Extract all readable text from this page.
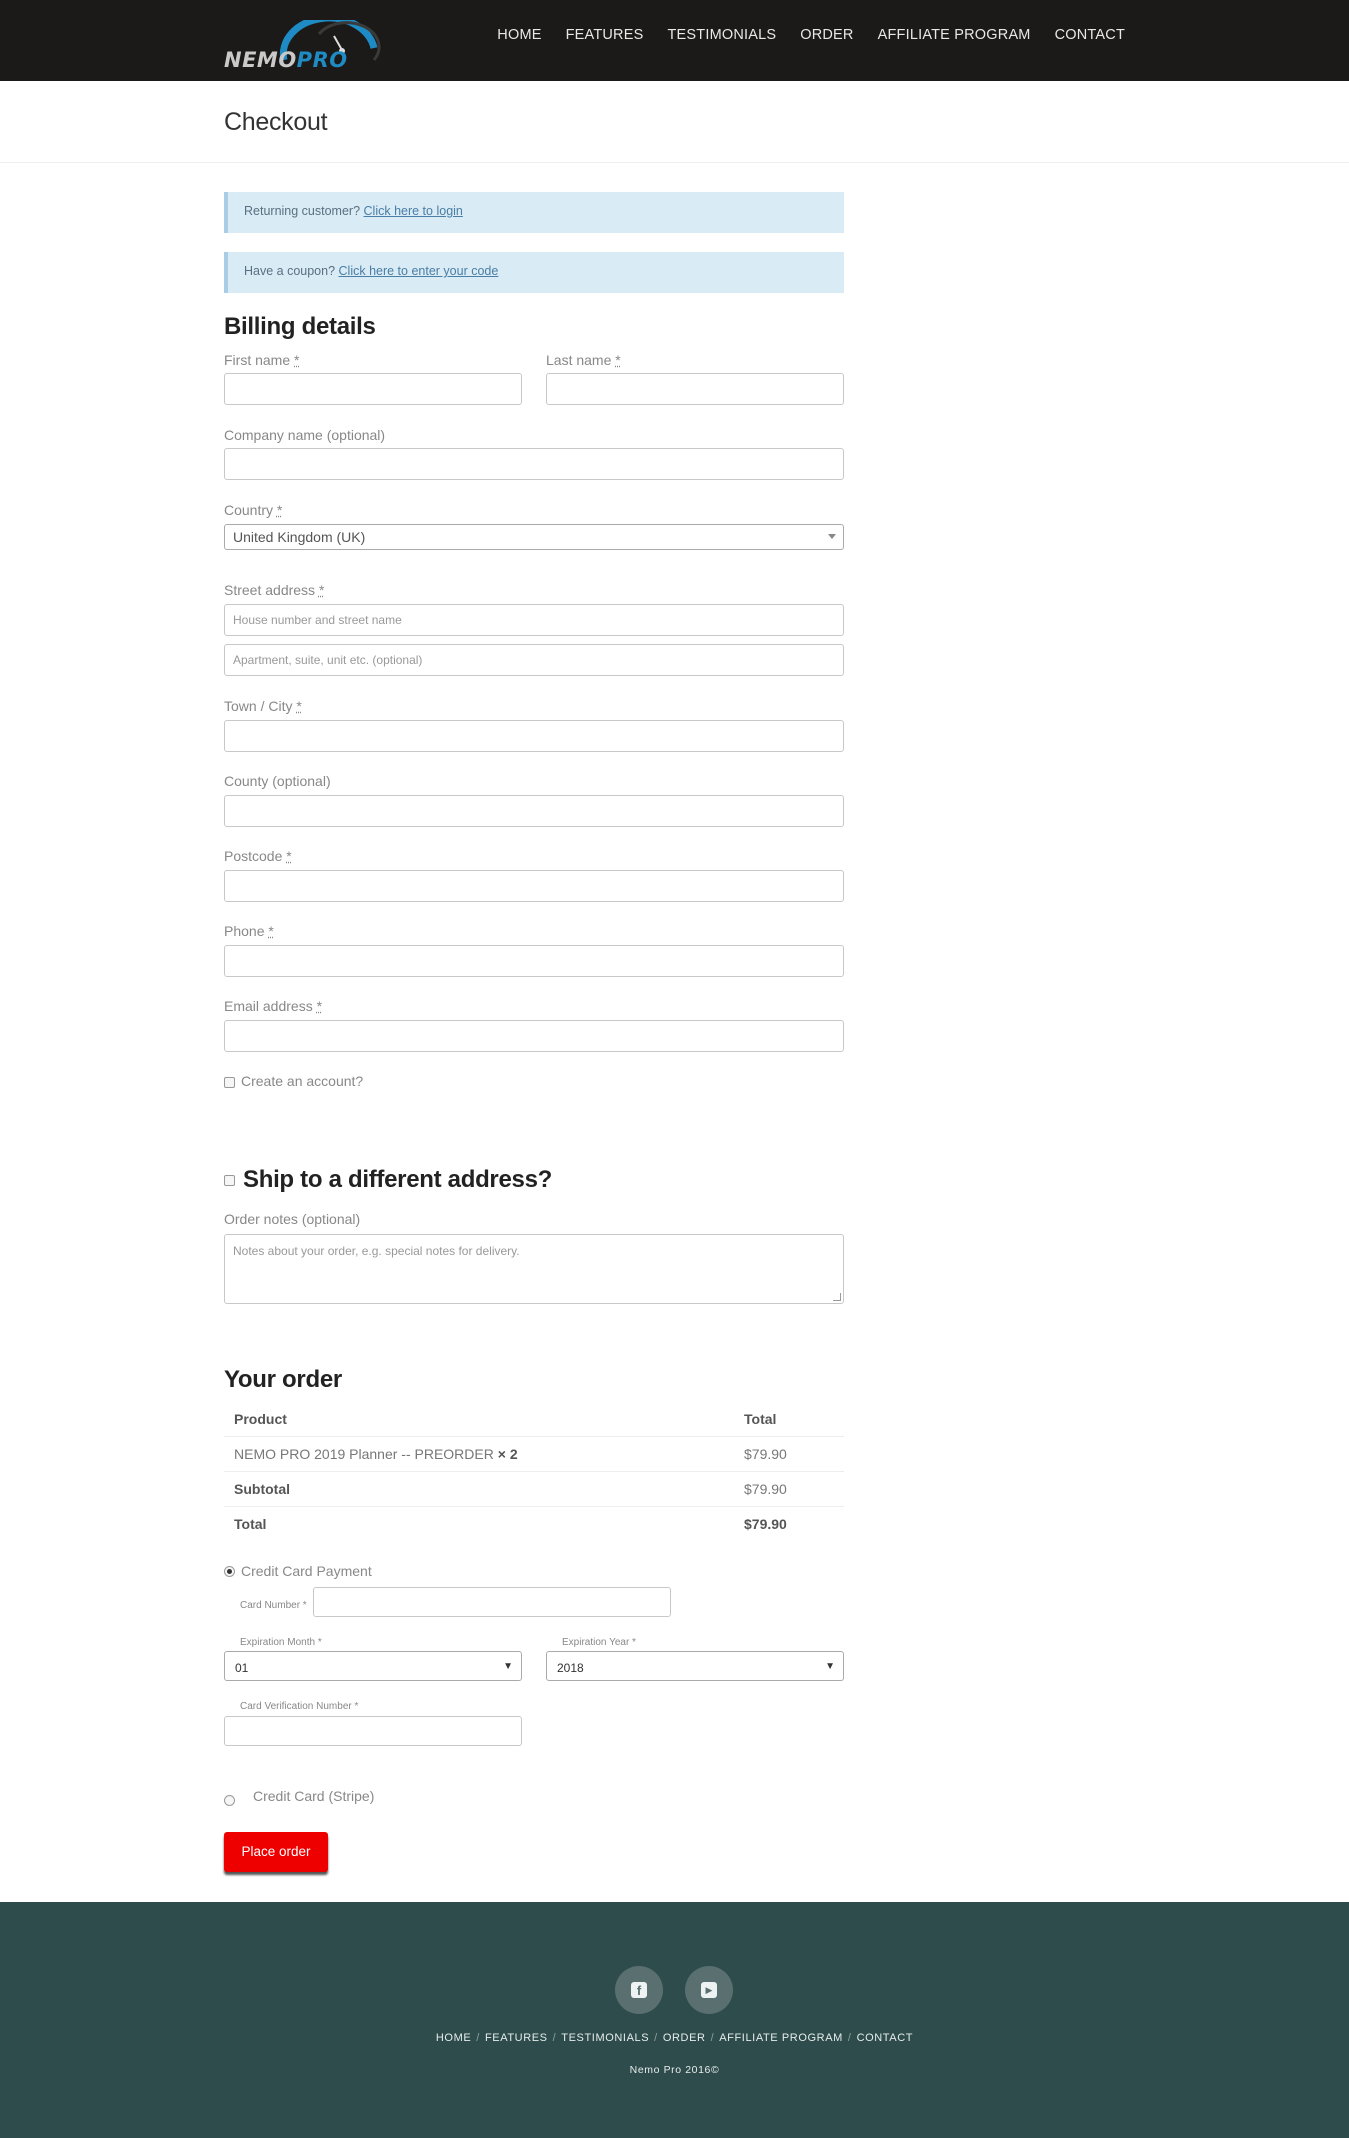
NEMOPRO
HOME FEATURES TESTIMONIALS ORDER AFFILIATE PROGRAM CONTACT
Checkout
Returning customer? Click here to login
Have a coupon? Click here to enter your code
Billing details
First name *	Last name *
Company name (optional)
Country *
United Kingdom (UK)
Street address *
House number and street name
Apartment, suite, unit etc. (optional)
Town / City *
County (optional)
Postcode *
Phone *
Email address *
Create an account?
Ship to a different address?
Order notes (optional)
Notes about your order, e.g. special notes for delivery.
Your order
Product	Total
NEMO PRO 2019 Planner -- PREORDER × 2	$79.90
Subtotal	$79.90
Total	$79.90
Credit Card Payment
Card Number *
Expiration Month *
01	▼
Expiration Year *
2018	▼
Card Verification Number *
Credit Card (Stripe)
Place order
f	▶
HOME / FEATURES / TESTIMONIALS / ORDER / AFFILIATE PROGRAM / CONTACT
Nemo Pro 2016©
